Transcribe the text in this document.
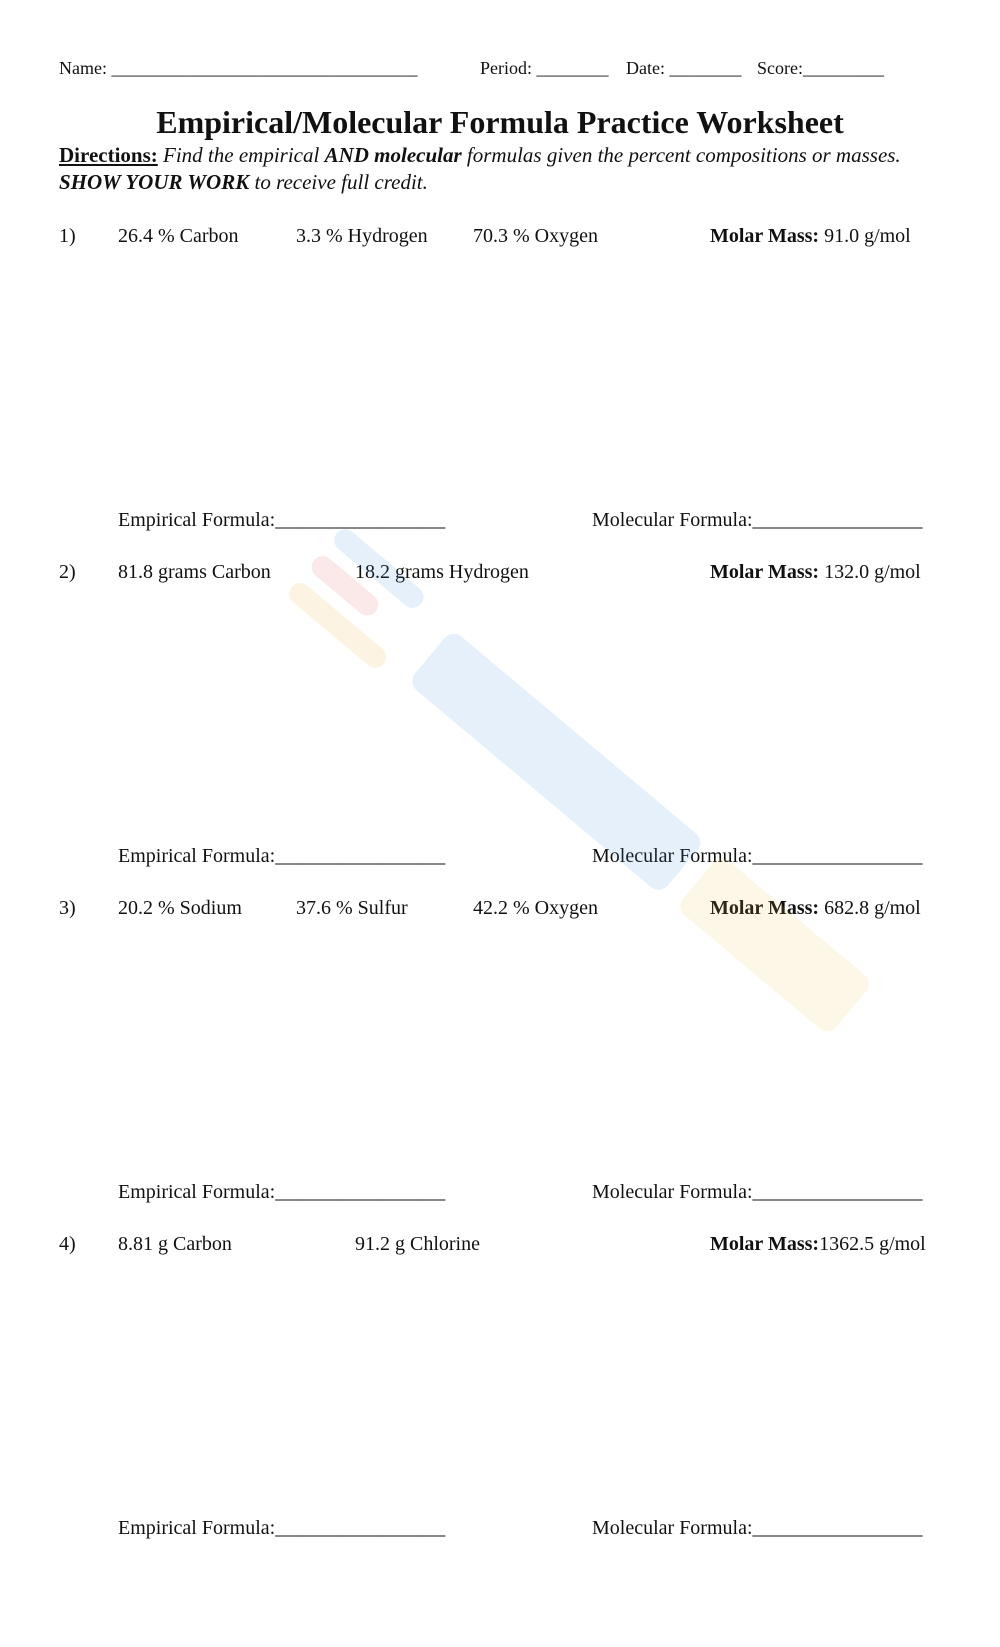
Name: __________________________________	Period: ________ Date: ________ Score:_________
Empirical/Molecular Formula Practice Worksheet
Directions: Find the empirical AND molecular formulas given the percent compositions or masses. SHOW YOUR WORK to receive full credit.
1) 26.4 % Carbon	3.3 % Hydrogen 70.3 % Oxygen	Molar Mass: 91.0 g/mol
Empirical Formula:_________________	Molecular Formula:_________________
2) 81.8 grams Carbon	18.2 grams Hydrogen	Molar Mass: 132.0 g/mol
Empirical Formula:_________________	Molecular Formula:_________________
3) 20.2 % Sodium	37.6 % Sulfur	42.2 % Oxygen	Molar Mass: 682.8 g/mol
Empirical Formula:_________________	Molecular Formula:_________________
4) 8.81 g Carbon	91.2 g Chlorine	Molar Mass:1362.5 g/mol
Empirical Formula:_________________	Molecular Formula:_________________
